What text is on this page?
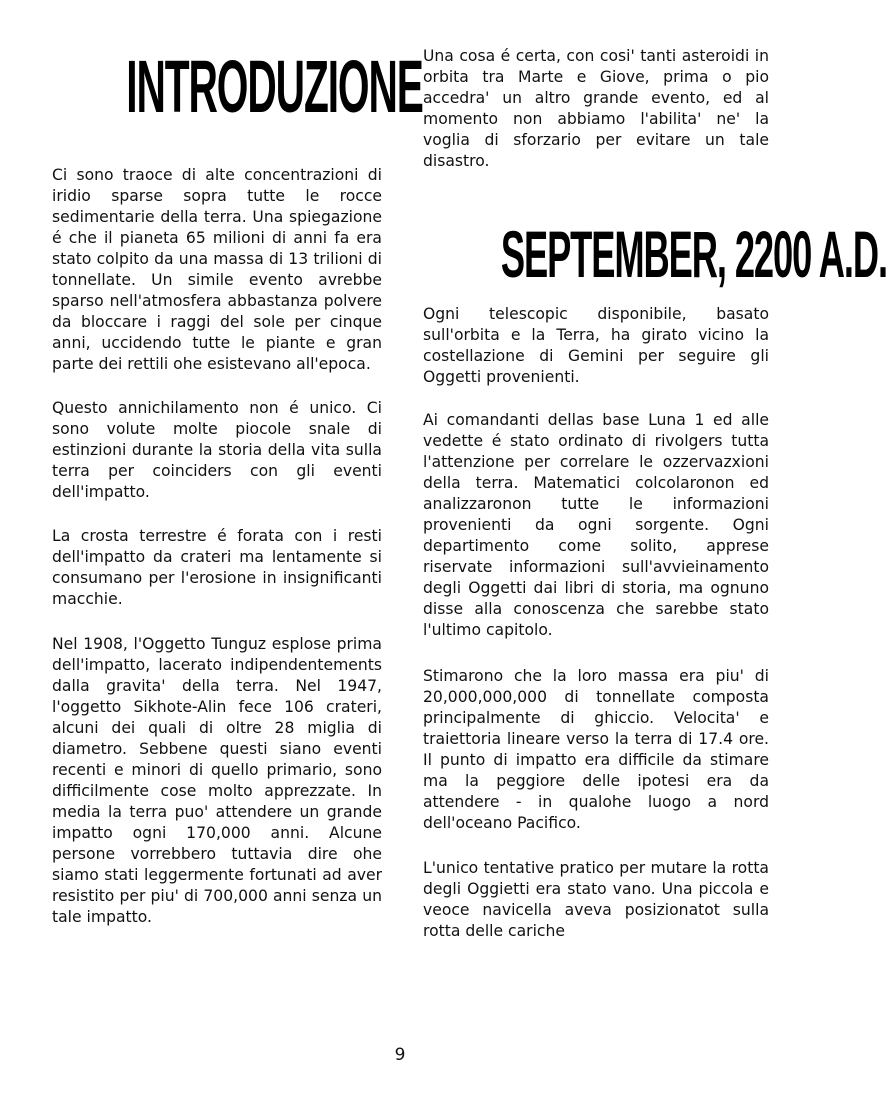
INTRODUZIONE

Ci sono traoce di alte concentrazioni di iridio sparse sopra tutte le rocce sedimentarie della terra. Una spiegazione é che il pianeta 65 milioni di anni fa era stato colpito da una massa di 13 trilioni di tonnellate. Un simile evento avrebbe sparso nell'atmosfera abbastanza polvere da bloccare i raggi del sole per cinque anni, uccidendo tutte le piante e gran parte dei rettili ohe esistevano all'epoca.

Questo annichilamento non é unico. Ci sono volute molte piocole snale di estinzioni durante la storia della vita sulla terra per coinciders con gli eventi dell'impatto.

La crosta terrestre é forata con i resti dell'impatto da crateri ma lentamente si consumano per l'erosione in insignificanti macchie.

Nel 1908, l'Oggetto Tunguz esplose prima dell'impatto, lacerato indipendentements dalla gravita' della terra. Nel 1947, l'oggetto Sikhote-Alin fece 106 crateri, alcuni dei quali di oltre 28 miglia di diametro. Sebbene questi siano eventi recenti e minori di quello primario, sono difficilmente cose molto apprezzate. In media la terra puo' attendere un grande impatto ogni 170,000 anni. Alcune persone vorrebbero tuttavia dire ohe siamo stati leggermente fortunati ad aver resistito per piu' di 700,000 anni senza un tale impatto.

Una cosa é certa, con cosi' tanti asteroidi in orbita tra Marte e Giove, prima o pio accedra' un altro grande evento, ed al momento non abbiamo l'abilita' ne' la voglia di sforzario per evitare un tale disastro.

SEPTEMBER, 2200 A.D.

Ogni telescopic disponibile, basato sull'orbita e la Terra, ha girato vicino la costellazione di Gemini per seguire gli Oggetti provenienti.

Ai comandanti dellas base Luna 1 ed alle vedette é stato ordinato di rivolgers tutta l'attenzione per correlare le ozzervazxioni della terra. Matematici colcolaronon ed analizzaronon tutte le informazioni provenienti da ogni sorgente. Ogni departimento come solito, apprese riservate informazioni sull'avvieinamento degli Oggetti dai libri di storia, ma ognuno disse alla conoscenza che sarebbe stato l'ultimo capitolo.

Stimarono che la loro massa era piu' di 20,000,000,000 di tonnellate composta principalmente di ghiccio. Velocita' e traiettoria lineare verso la terra di 17.4 ore. Il punto di impatto era difficile da stimare ma la peggiore delle ipotesi era da attendere - in qualohe luogo a nord dell'oceano Pacifico.

L'unico tentative pratico per mutare la rotta degli Oggietti era stato vano. Una piccola e veoce navicella aveva posizionatot sulla rotta delle cariche

9
